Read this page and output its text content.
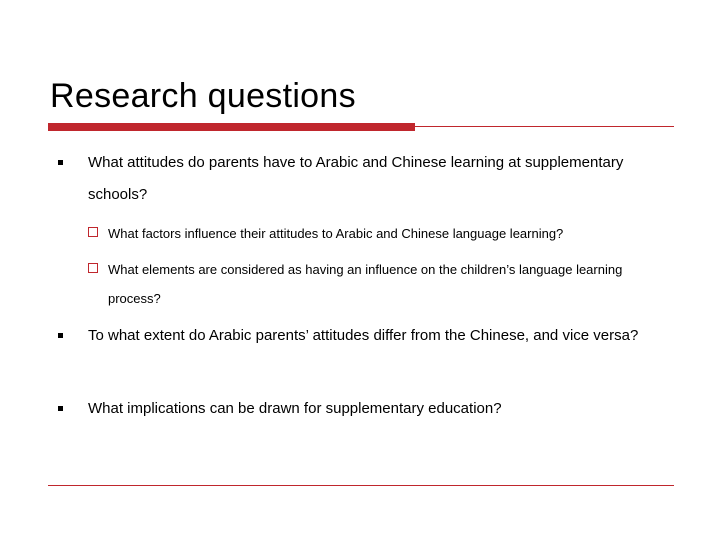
Research questions
What attitudes do parents have to Arabic and Chinese learning at supplementary schools?
What factors influence their attitudes to Arabic and Chinese language learning?
What elements are considered as having an influence on the children’s language learning process?
To what extent do Arabic parents’ attitudes differ from the Chinese, and vice versa?
What implications can be drawn for supplementary education?
